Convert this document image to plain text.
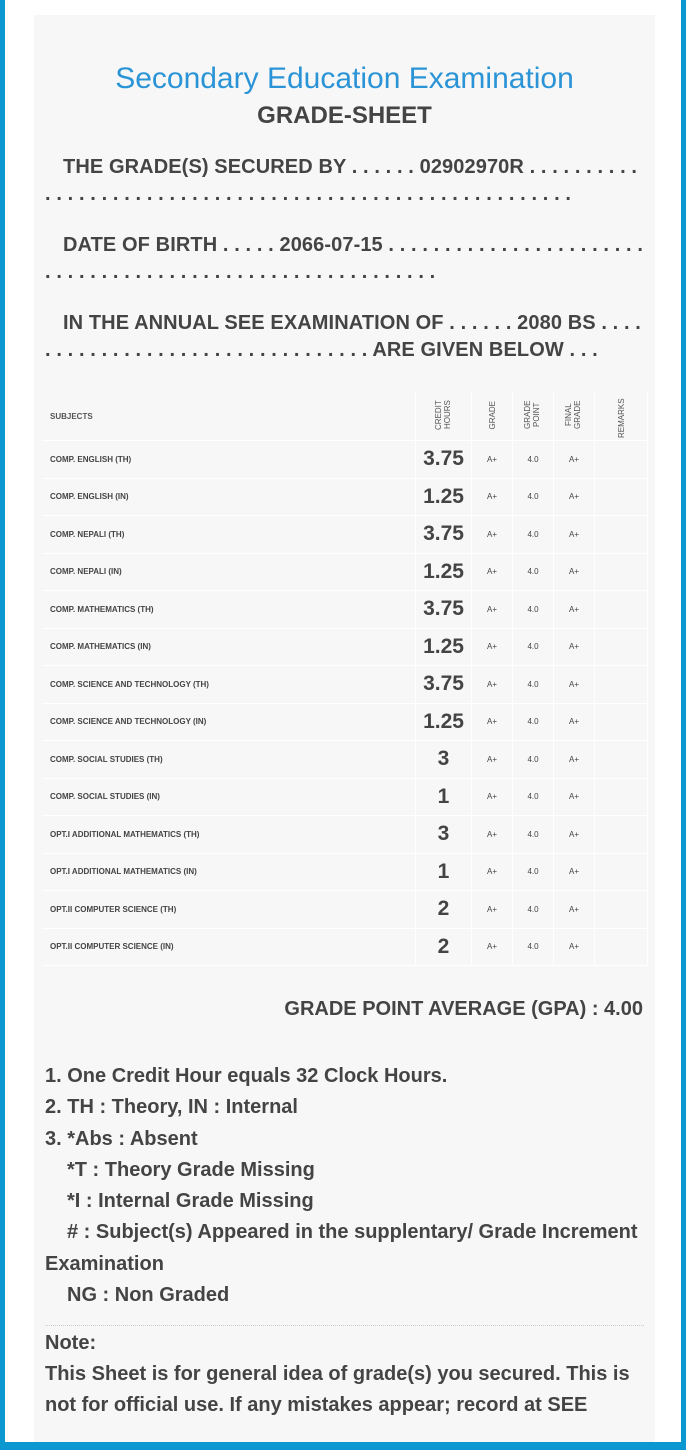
Secondary Education Examination
GRADE-SHEET

THE GRADE(S) SECURED BY . . . . . . 02902970R . . . . . . . . . . . . . . . . . . . . . . . . . . . . . . . . . . . . . . . . . . . . . . . . . . . . . . . . .

DATE OF BIRTH . . . . . 2066-07-15 . . . . . . . . . . . . . . . . . . . . . . . . . . . . . . . . . . . . . . . . . . . . . . . . . . . . . . . . . .

IN THE ANNUAL SEE EXAMINATION OF . . . . . . 2080 BS . . . . . . . . . . . . . . . . . . . . . . . . . . . . . . . . . ARE GIVEN BELOW . . .

SUBJECTS	CREDIT HOURS	GRADE	GRADE POINT	FINAL GRADE	REMARKS
COMP. ENGLISH (TH)	3.75	A+	4.0	A+	
COMP. ENGLISH (IN)	1.25	A+	4.0	A+	
COMP. NEPALI (TH)	3.75	A+	4.0	A+	
COMP. NEPALI (IN)	1.25	A+	4.0	A+	
COMP. MATHEMATICS (TH)	3.75	A+	4.0	A+	
COMP. MATHEMATICS (IN)	1.25	A+	4.0	A+	
COMP. SCIENCE AND TECHNOLOGY (TH)	3.75	A+	4.0	A+	
COMP. SCIENCE AND TECHNOLOGY (IN)	1.25	A+	4.0	A+	
COMP. SOCIAL STUDIES (TH)	3	A+	4.0	A+	
COMP. SOCIAL STUDIES (IN)	1	A+	4.0	A+	
OPT.I ADDITIONAL MATHEMATICS (TH)	3	A+	4.0	A+	
OPT.I ADDITIONAL MATHEMATICS (IN)	1	A+	4.0	A+	
OPT.II COMPUTER SCIENCE (TH)	2	A+	4.0	A+	
OPT.II COMPUTER SCIENCE (IN)	2	A+	4.0	A+	
GRADE POINT AVERAGE (GPA) : 4.00
1. One Credit Hour equals 32 Clock Hours.
2. TH : Theory, IN : Internal
3. *Abs : Absent
*T : Theory Grade Missing
*I : Internal Grade Missing
# : Subject(s) Appeared in the supplentary/ Grade Increment Examination
NG : Non Graded
Note:
This Sheet is for general idea of grade(s) you secured. This is not for official use. If any mistakes appear; record at SEE
